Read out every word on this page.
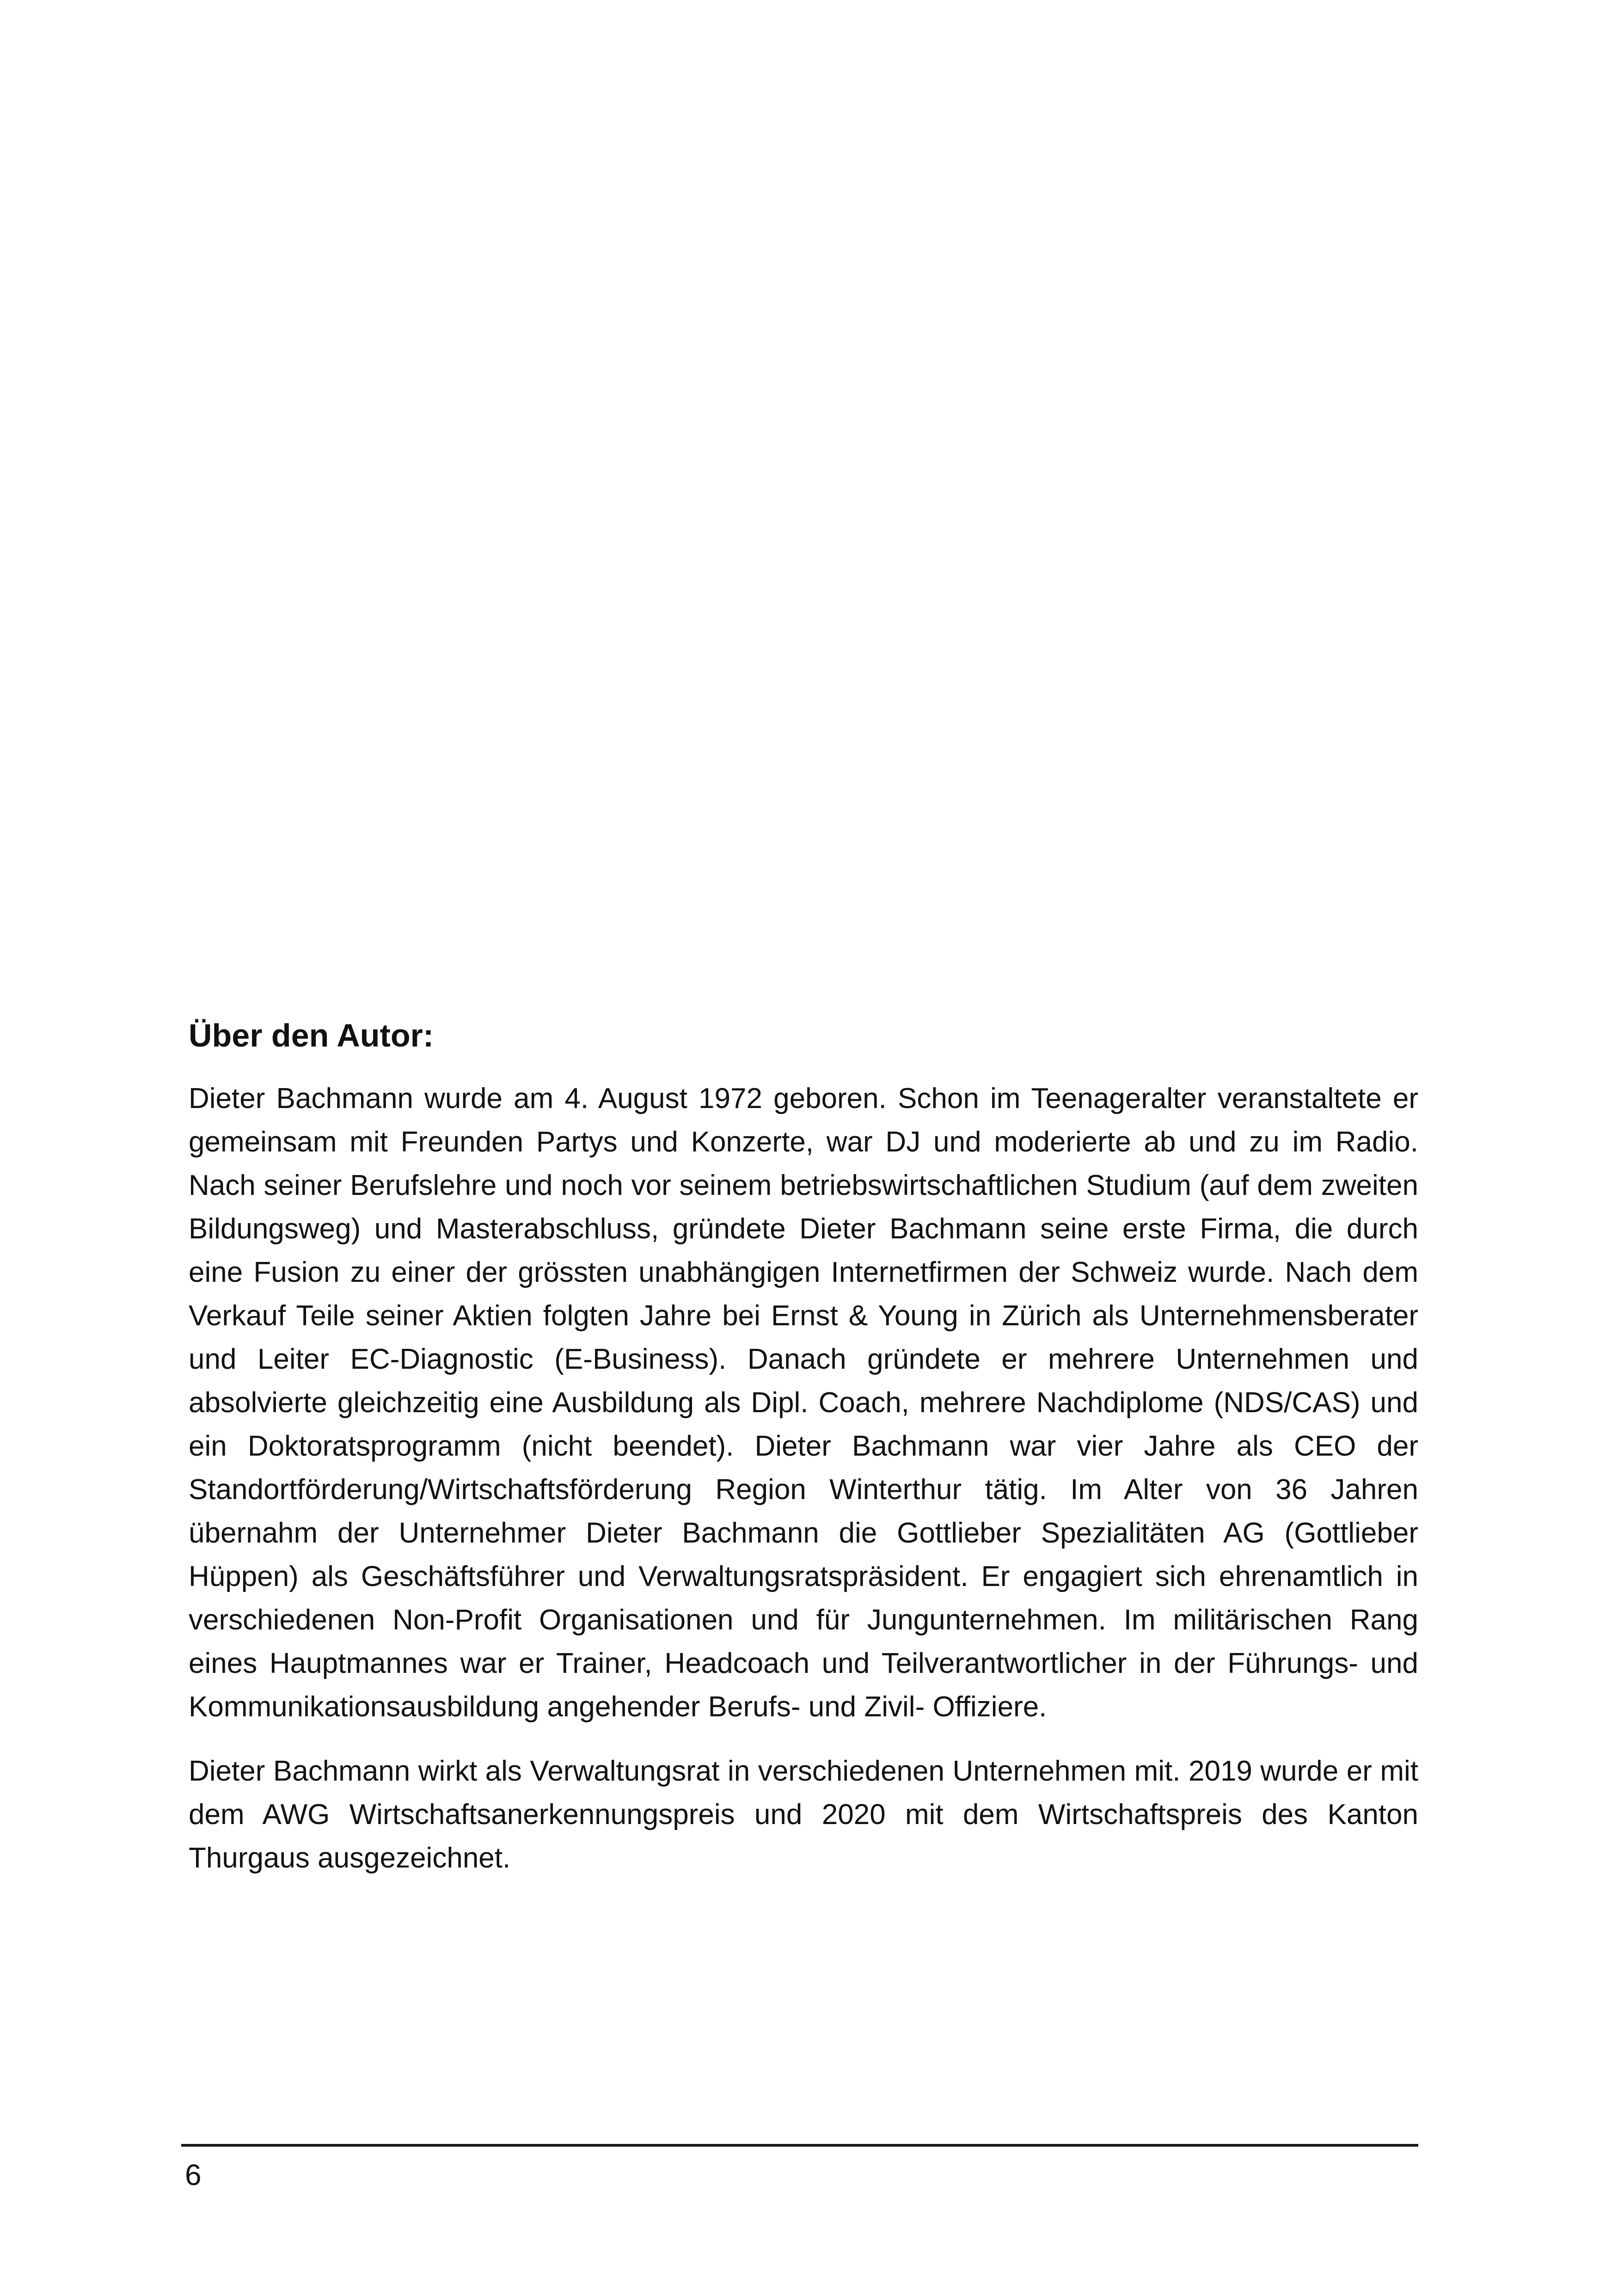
Über den Autor:

Dieter Bachmann wurde am 4. August 1972 geboren. Schon im Teenageralter veranstaltete er gemeinsam mit Freunden Partys und Konzerte, war DJ und moderierte ab und zu im Radio. Nach seiner Berufslehre und noch vor seinem betriebswirtschaftlichen Studium (auf dem zweiten Bildungsweg) und Masterabschluss, gründete Dieter Bachmann seine erste Firma, die durch eine Fusion zu einer der grössten unabhängigen Internetfirmen der Schweiz wurde. Nach dem Verkauf Teile seiner Aktien folgten Jahre bei Ernst & Young in Zürich als Unternehmensberater und Leiter EC-Diagnostic (E-Business). Danach gründete er mehrere Unternehmen und absolvierte gleichzeitig eine Ausbildung als Dipl. Coach, mehrere Nachdiplome (NDS/CAS) und ein Doktoratsprogramm (nicht beendet). Dieter Bachmann war vier Jahre als CEO der Standortförderung/Wirtschaftsförderung Region Winterthur tätig. Im Alter von 36 Jahren übernahm der Unternehmer Dieter Bachmann die Gottlieber Spezialitäten AG (Gottlieber Hüppen) als Geschäftsführer und Verwaltungsratspräsident. Er engagiert sich ehrenamtlich in verschiedenen Non-Profit Organisationen und für Jungunternehmen. Im militärischen Rang eines Hauptmannes war er Trainer, Headcoach und Teilverantwortlicher in der Führungs- und Kommunikationsausbildung angehender Berufs- und Zivil- Offiziere.

Dieter Bachmann wirkt als Verwaltungsrat in verschiedenen Unternehmen mit. 2019 wurde er mit dem AWG Wirtschaftsanerkennungspreis und 2020 mit dem Wirtschaftspreis des Kanton Thurgaus ausgezeichnet.

6
